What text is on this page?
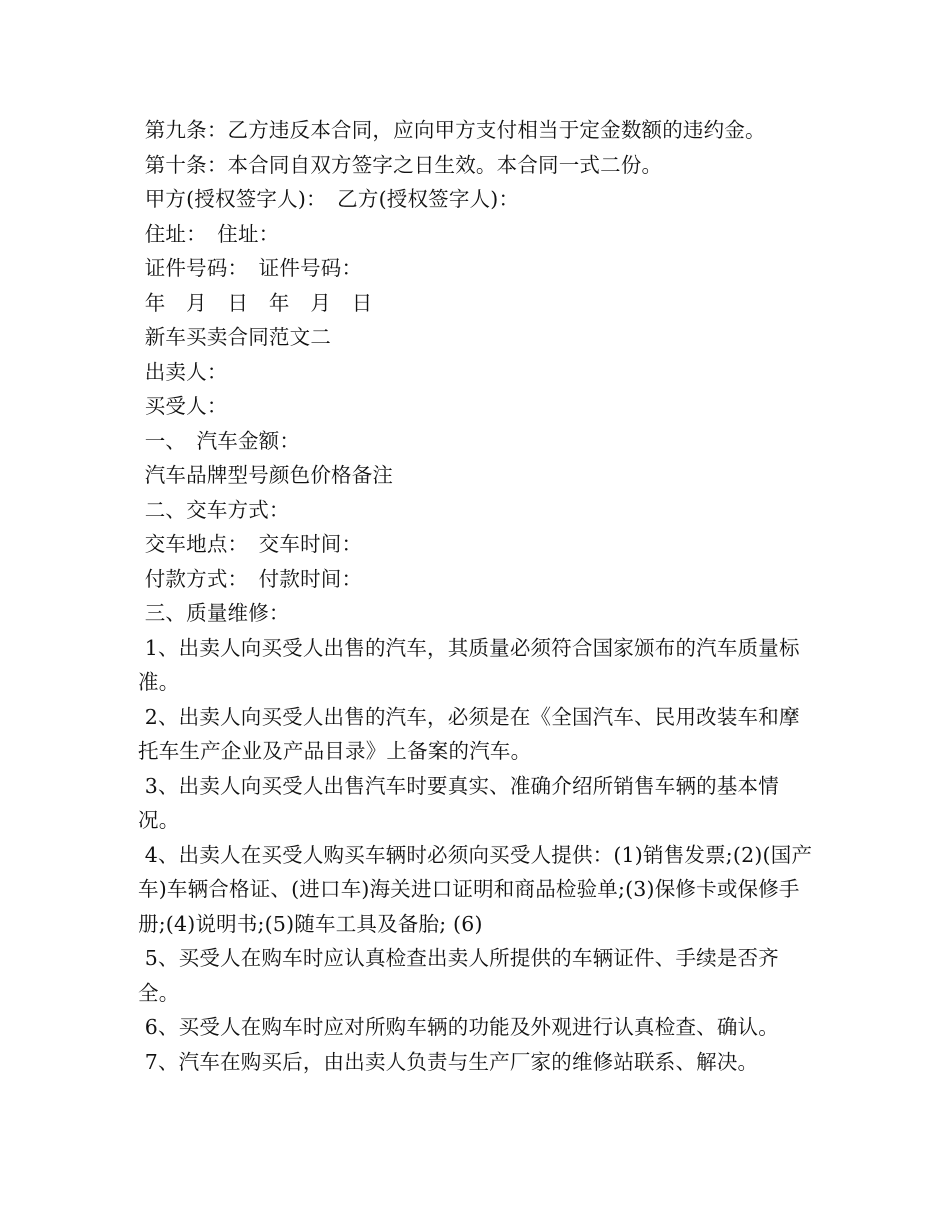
第九条：乙方违反本合同，应向甲方支付相当于定金数额的违约金。

第十条：本合同自双方签字之日生效。本合同一式二份。

甲方(授权签字人)：　乙方(授权签字人)：

住址：　住址：

证件号码：　证件号码：

年　月　日　年　月　日

新车买卖合同范文二

出卖人：

买受人：

一、　汽车金额：

汽车品牌型号颜色价格备注

二、交车方式：

交车地点：　交车时间：

付款方式：　付款时间：

三、质量维修：

1、出卖人向买受人出售的汽车，其质量必须符合国家颁布的汽车质量标准。

2、出卖人向买受人出售的汽车，必须是在《全国汽车、民用改装车和摩托车生产企业及产品目录》上备案的汽车。

3、出卖人向买受人出售汽车时要真实、准确介绍所销售车辆的基本情况。

4、出卖人在买受人购买车辆时必须向买受人提供：(1)销售发票;(2)(国产车)车辆合格证、(进口车)海关进口证明和商品检验单;(3)保修卡或保修手册;(4)说明书;(5)随车工具及备胎; (6)

5、买受人在购车时应认真检查出卖人所提供的车辆证件、手续是否齐全。

6、买受人在购车时应对所购车辆的功能及外观进行认真检查、确认。

7、汽车在购买后，由出卖人负责与生产厂家的维修站联系、解决。
